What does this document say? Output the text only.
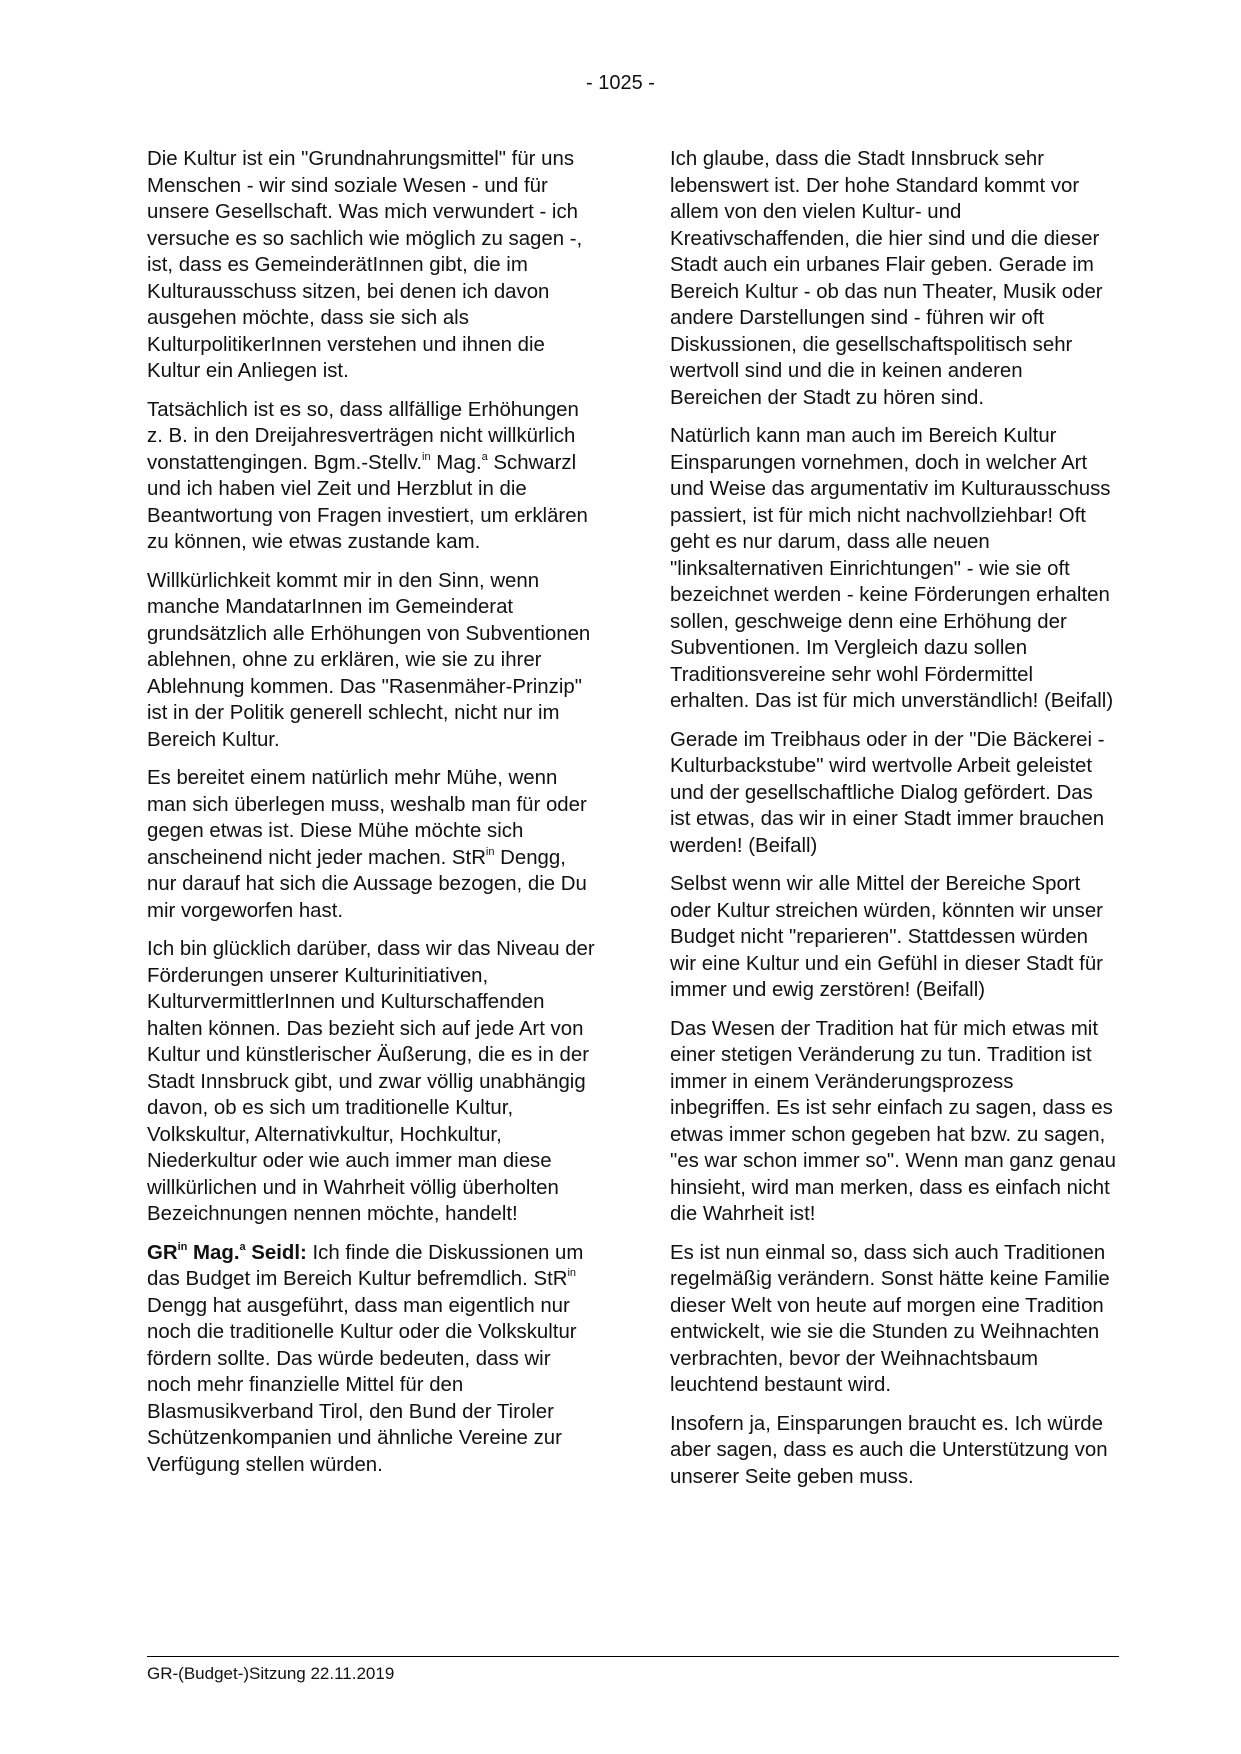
- 1025 -

Die Kultur ist ein "Grundnahrungsmittel" für uns Menschen - wir sind soziale Wesen - und für unsere Gesellschaft. Was mich verwundert - ich versuche es so sachlich wie möglich zu sagen -, ist, dass es GemeinderätInnen gibt, die im Kulturausschuss sitzen, bei denen ich davon ausgehen möchte, dass sie sich als KulturpolitikerInnen verstehen und ihnen die Kultur ein Anliegen ist.

Tatsächlich ist es so, dass allfällige Erhöhungen z. B. in den Dreijahresverträgen nicht willkürlich vonstattengingen. Bgm.-Stellv.$^{in}$ Mag.$^a$ Schwarzl und ich haben viel Zeit und Herzblut in die Beantwortung von Fragen investiert, um erklären zu können, wie etwas zustande kam.

Willkürlichkeit kommt mir in den Sinn, wenn manche MandatarInnen im Gemeinderat grundsätzlich alle Erhöhungen von Subventionen ablehnen, ohne zu erklären, wie sie zu ihrer Ablehnung kommen. Das "Rasenmäher-Prinzip" ist in der Politik generell schlecht, nicht nur im Bereich Kultur.

Es bereitet einem natürlich mehr Mühe, wenn man sich überlegen muss, weshalb man für oder gegen etwas ist. Diese Mühe möchte sich anscheinend nicht jeder machen. StR$^{in}$ Dengg, nur darauf hat sich die Aussage bezogen, die Du mir vorgeworfen hast.

Ich bin glücklich darüber, dass wir das Niveau der Förderungen unserer Kulturinitiativen, KulturvermittlerInnen und Kulturschaffenden halten können. Das bezieht sich auf jede Art von Kultur und künstlerischer Äußerung, die es in der Stadt Innsbruck gibt, und zwar völlig unabhängig davon, ob es sich um traditionelle Kultur, Volkskultur, Alternativkultur, Hochkultur, Niederkultur oder wie auch immer man diese willkürlichen und in Wahrheit völlig überholten Bezeichnungen nennen möchte, handelt!

$GR^{in}$ Mag.$^a$ Seidl: Ich finde die Diskussionen um das Budget im Bereich Kultur befremdlich. StR$^{in}$ Dengg hat ausgeführt, dass man eigentlich nur noch die traditionelle Kultur oder die Volkskultur fördern sollte. Das würde bedeuten, dass wir noch mehr finanzielle Mittel für den Blasmusikverband Tirol, den Bund der Tiroler Schützenkompanien und ähnliche Vereine zur Verfügung stellen würden.

Ich glaube, dass die Stadt Innsbruck sehr lebenswert ist. Der hohe Standard kommt vor allem von den vielen Kultur- und Kreativschaffenden, die hier sind und die dieser Stadt auch ein urbanes Flair geben. Gerade im Bereich Kultur - ob das nun Theater, Musik oder andere Darstellungen sind - führen wir oft Diskussionen, die gesellschaftspolitisch sehr wertvoll sind und die in keinen anderen Bereichen der Stadt zu hören sind.

Natürlich kann man auch im Bereich Kultur Einsparungen vornehmen, doch in welcher Art und Weise das argumentativ im Kulturausschuss passiert, ist für mich nicht nachvollziehbar! Oft geht es nur darum, dass alle neuen "linksalternativen Einrichtungen" - wie sie oft bezeichnet werden - keine Förderungen erhalten sollen, geschweige denn eine Erhöhung der Subventionen. Im Vergleich dazu sollen Traditionsvereine sehr wohl Fördermittel erhalten. Das ist für mich unverständlich! (Beifall)

Gerade im Treibhaus oder in der "Die Bäckerei - Kulturbackstube" wird wertvolle Arbeit geleistet und der gesellschaftliche Dialog gefördert. Das ist etwas, das wir in einer Stadt immer brauchen werden! (Beifall)

Selbst wenn wir alle Mittel der Bereiche Sport oder Kultur streichen würden, könnten wir unser Budget nicht "reparieren". Stattdessen würden wir eine Kultur und ein Gefühl in dieser Stadt für immer und ewig zerstören! (Beifall)

Das Wesen der Tradition hat für mich etwas mit einer stetigen Veränderung zu tun. Tradition ist immer in einem Veränderungsprozess inbegriffen. Es ist sehr einfach zu sagen, dass es etwas immer schon gegeben hat bzw. zu sagen, "es war schon immer so". Wenn man ganz genau hinsieht, wird man merken, dass es einfach nicht die Wahrheit ist!

Es ist nun einmal so, dass sich auch Traditionen regelmäßig verändern. Sonst hätte keine Familie dieser Welt von heute auf morgen eine Tradition entwickelt, wie sie die Stunden zu Weihnachten verbrachten, bevor der Weihnachtsbaum leuchtend bestaunt wird.

Insofern ja, Einsparungen braucht es. Ich würde aber sagen, dass es auch die Unterstützung von unserer Seite geben muss.

GR-(Budget-)Sitzung 22.11.2019
